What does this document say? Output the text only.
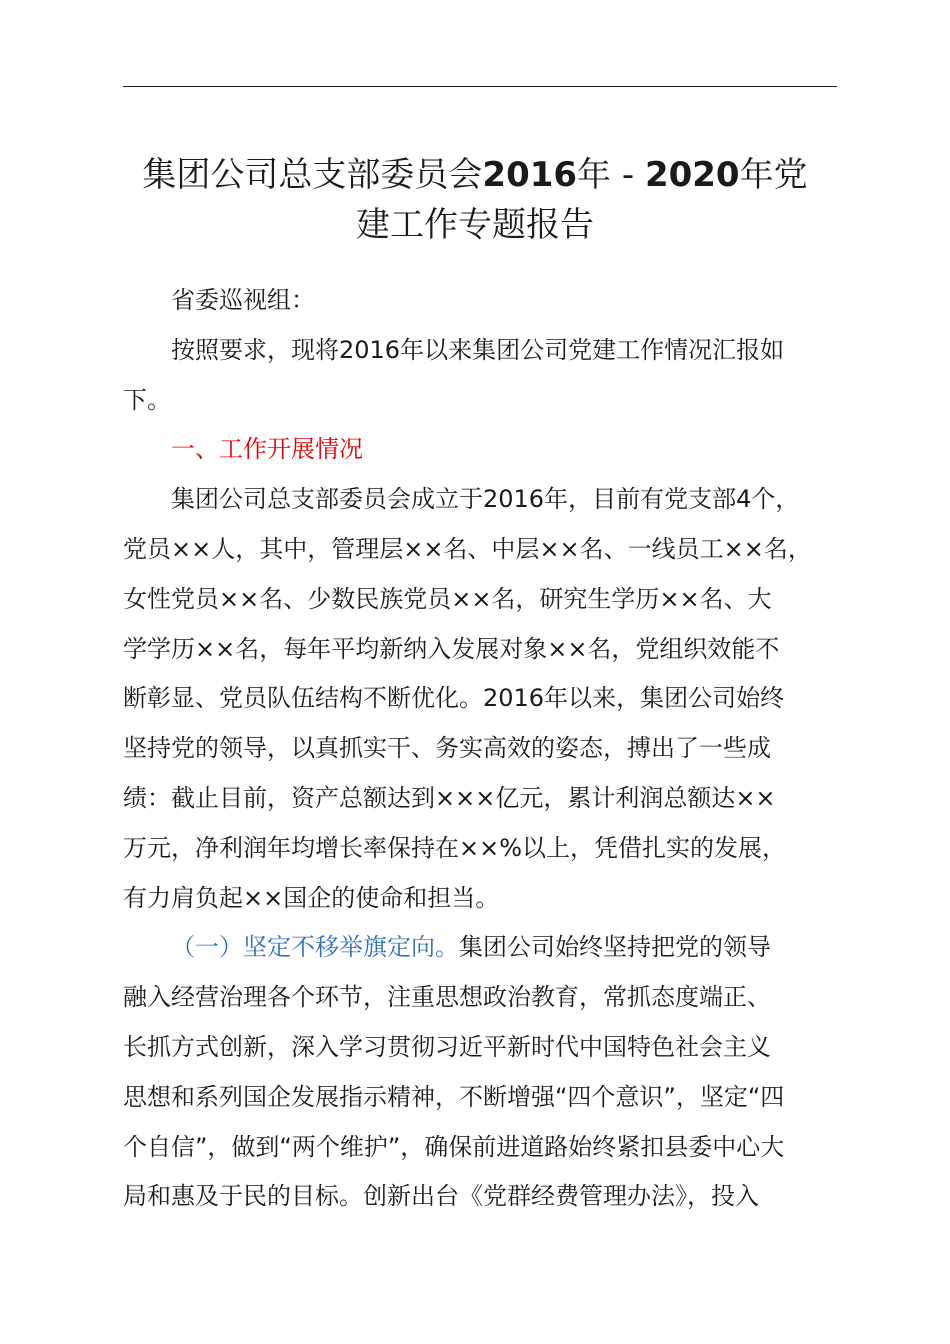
集团公司总支部委员会2016年 - 2020年党
建工作专题报告

省委巡视组：

按照要求，现将2016年以来集团公司党建工作情况汇报如
下。

一、工作开展情况

集团公司总支部委员会成立于2016年，目前有党支部4个，
党员××人，其中，管理层××名、中层××名、一线员工××名，
女性党员××名、少数民族党员××名，研究生学历××名、大
学学历××名，每年平均新纳入发展对象××名，党组织效能不
断彰显、党员队伍结构不断优化。2016年以来，集团公司始终
坚持党的领导，以真抓实干、务实高效的姿态，搏出了一些成
绩：截止目前，资产总额达到×××亿元，累计利润总额达××
万元，净利润年均增长率保持在××%以上，凭借扎实的发展，
有力肩负起××国企的使命和担当。

（一）坚定不移举旗定向。集团公司始终坚持把党的领导
融入经营治理各个环节，注重思想政治教育，常抓态度端正、
长抓方式创新，深入学习贯彻习近平新时代中国特色社会主义
思想和系列国企发展指示精神，不断增强“四个意识”，坚定“四
个自信”，做到“两个维护”，确保前进道路始终紧扣县委中心大
局和惠及于民的目标。创新出台《党群经费管理办法》，投入
